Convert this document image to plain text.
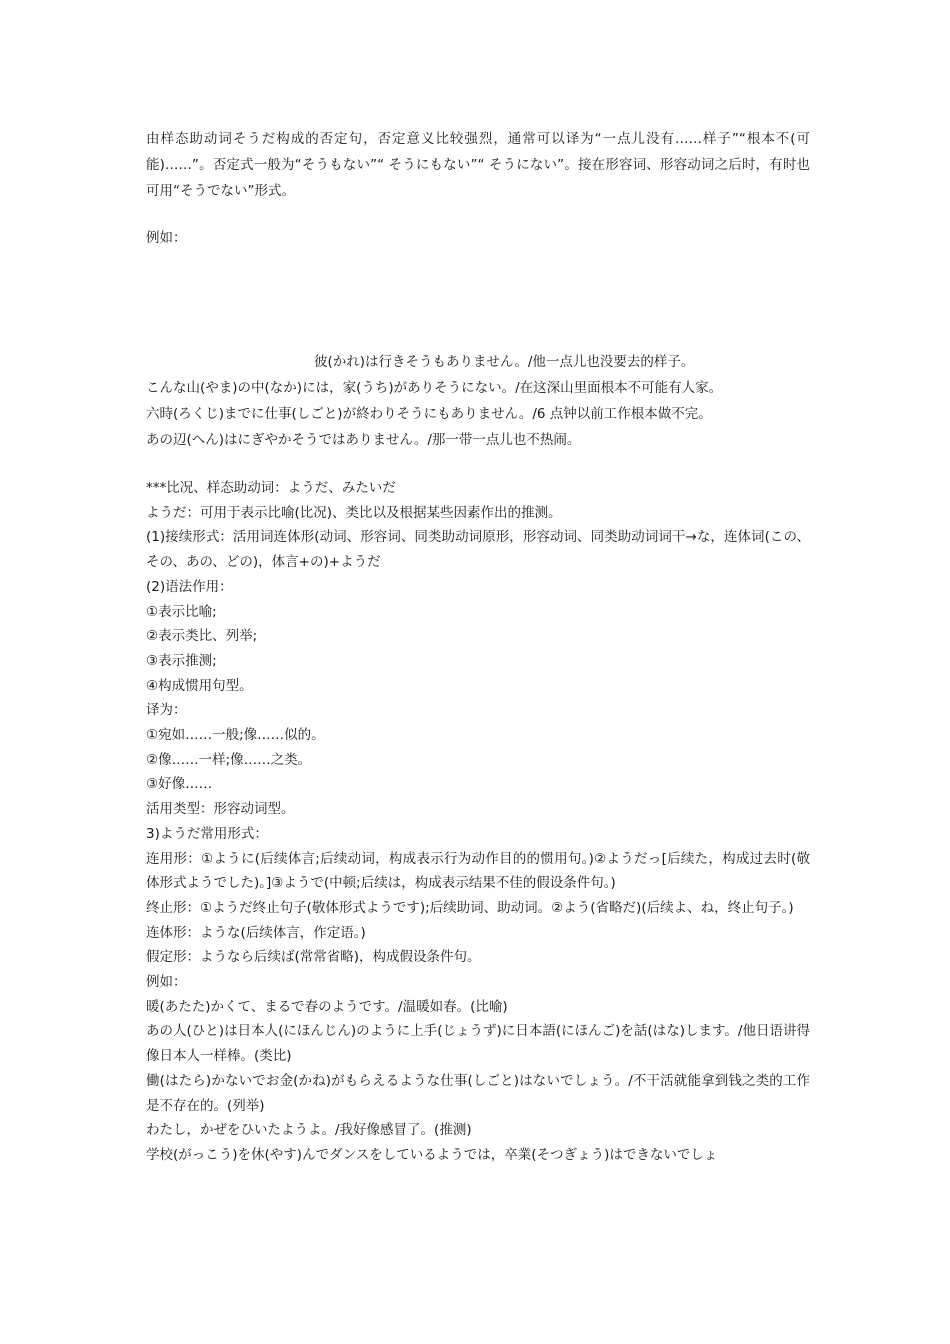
由样态助动词そうだ构成的否定句，否定意义比较强烈，通常可以译为“一点儿没有……样子”“根本不(可能)……”。否定式一般为“そうもない”“ そうにもない”“ そうにない”。接在形容词、形容动词之后时，有时也可用“そうでない”形式。
例如：
彼(かれ)は行きそうもありません。/他一点儿也没要去的样子。
こんな山(やま)の中(なか)には，家(うち)がありそうにない。/在这深山里面根本不可能有人家。
六時(ろくじ)までに仕事(しごと)が終わりそうにもありません。/6 点钟以前工作根本做不完。
あの辺(へん)はにぎやかそうではありません。/那一带一点儿也不热闹。
***比况、样态助动词：ようだ、みたいだ
ようだ：可用于表示比喻(比况)、类比以及根据某些因素作出的推测。
(1)接续形式：活用词连体形(动词、形容词、同类助动词原形，形容动词、同类助动词词干→な，连体词(この、その、あの、どの)，体言+の)+ようだ
(2)语法作用：
①表示比喻;
②表示类比、列举;
③表示推测;
④构成惯用句型。
译为：
①宛如……一般;像……似的。
②像……一样;像……之类。
③好像……
活用类型：形容动词型。
3)ようだ常用形式：
连用形：①ように(后续体言;后续动词，构成表示行为动作目的的惯用句。)②ようだっ[后续た，构成过去时(敬体形式ようでした)。]③ようで(中顿;后续は，构成表示结果不佳的假设条件句。)
终止形：①ようだ终止句子(敬体形式ようです);后续助词、助动词。②よう(省略だ)(后续よ、ね，终止句子。)
连体形：ような(后续体言，作定语。)
假定形：ようなら后续ば(常常省略)，构成假设条件句。
例如：
暖(あたた)かくて、まるで春のようです。/温暖如春。(比喻)
あの人(ひと)は日本人(にほんじん)のように上手(じょうず)に日本語(にほんご)を話(はな)します。/他日语讲得像日本人一样棒。(类比)
働(はたら)かないでお金(かね)がもらえるような仕事(しごと)はないでしょう。/不干活就能拿到钱之类的工作是不存在的。(列举)
わたし，かぜをひいたようよ。/我好像感冒了。(推测)
学校(がっこう)を休(やす)んでダンスをしているようでは，卒業(そつぎょう)はできないでしょ
